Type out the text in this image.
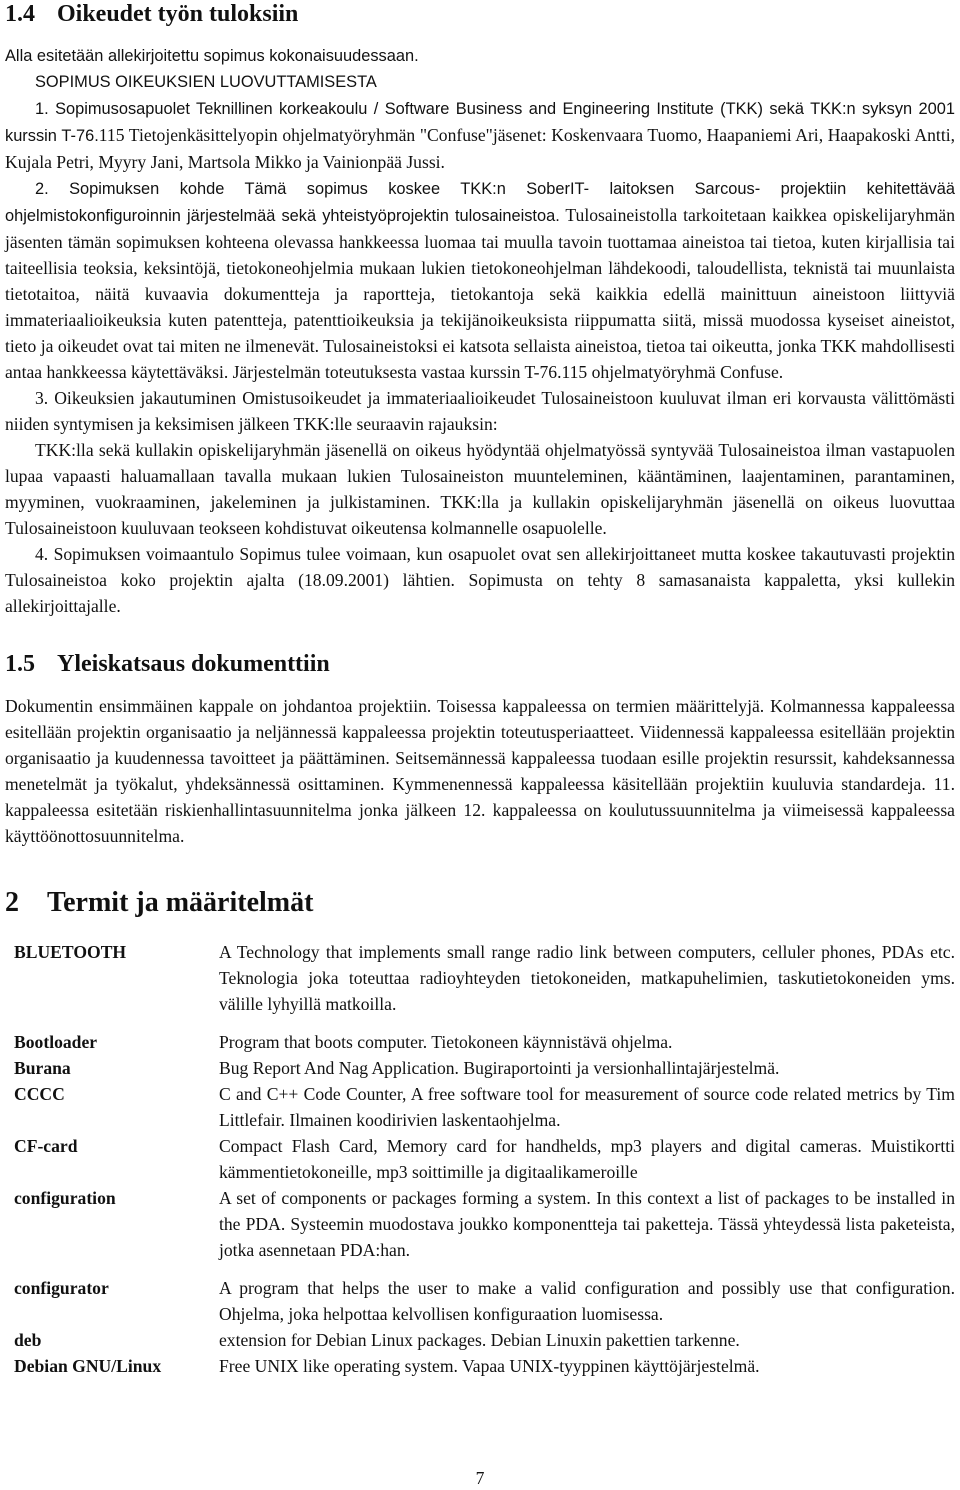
1.4 Oikeudet työn tuloksiin

Alla esitetään allekirjoitettu sopimus kokonaisuudessaan.

SOPIMUS OIKEUKSIEN LUOVUTTAMISESTA

1. Sopimusosapuolet Teknillinen korkeakoulu / Software Business and Engineering Institute (TKK) sekä TKK:n syksyn 2001 kurssin T-76.115 Tietojenkäsittelyopin ohjelmatyöryhmän "Confuse"jäsenet: Koskenvaara Tuomo, Haapaniemi Ari, Haapakoski Antti, Kujala Petri, Myyry Jani, Martsola Mikko ja Vainionpää Jussi.

2. Sopimuksen kohde Tämä sopimus koskee TKK:n SoberIT- laitoksen Sarcous- projektiin kehitettävää ohjelmistokonfiguroinnin järjestelmää sekä yhteistyöprojektin tulosaineistoa. Tulosaineistolla tarkoitetaan kaikkea opiskelijaryhmän jäsenten tämän sopimuksen kohteena olevassa hankkeessa luomaa tai muulla tavoin tuottamaa aineistoa tai tietoa, kuten kirjallisia tai taiteellisia teoksia, keksintöjä, tietokoneohjelmia mukaan lukien tietokoneohjelman lähdekoodi, taloudellista, teknistä tai muunlaista tietotaitoa, näitä kuvaavia dokumentteja ja raportteja, tietokantoja sekä kaikkia edellä mainittuun aineistoon liittyviä immateriaalioikeuksia kuten patentteja, patenttioikeuksia ja tekijänoikeuksista riippumatta siitä, missä muodossa kyseiset aineistot, tieto ja oikeudet ovat tai miten ne ilmenevät. Tulosaineistoksi ei katsota sellaista aineistoa, tietoa tai oikeutta, jonka TKK mahdollisesti antaa hankkeessa käytettäväksi. Järjestelmän toteutuksesta vastaa kurssin T-76.115 ohjelmatyöryhmä Confuse.

3. Oikeuksien jakautuminen Omistusoikeudet ja immateriaalioikeudet Tulosaineistoon kuuluvat ilman eri korvausta välittömästi niiden syntymisen ja keksimisen jälkeen TKK:lle seuraavin rajauksin:

TKK:lla sekä kullakin opiskelijaryhmän jäsenellä on oikeus hyödyntää ohjelmatyössä syntyvää Tulosaineistoa ilman vastapuolen lupaa vapaasti haluamallaan tavalla mukaan lukien Tulosaineiston muunteleminen, kääntäminen, laajentaminen, parantaminen, myyminen, vuokraaminen, jakeleminen ja julkistaminen. TKK:lla ja kullakin opiskelijaryhmän jäsenellä on oikeus luovuttaa Tulosaineistoon kuuluvaan teokseen kohdistuvat oikeutensa kolmannelle osapuolelle.

4. Sopimuksen voimaantulo Sopimus tulee voimaan, kun osapuolet ovat sen allekirjoittaneet mutta koskee takautuvasti projektin Tulosaineistoa koko projektin ajalta (18.09.2001) lähtien. Sopimusta on tehty 8 samasanaista kappaletta, yksi kullekin allekirjoittajalle.

1.5 Yleiskatsaus dokumenttiin

Dokumentin ensimmäinen kappale on johdantoa projektiin. Toisessa kappaleessa on termien määrittelyjä. Kolmannessa kappaleessa esitellään projektin organisaatio ja neljännessä kappaleessa projektin toteutusperiaatteet. Viidennessä kappaleessa esitellään projektin organisaatio ja kuudennessa tavoitteet ja päättäminen. Seitsemännessä kappaleessa tuodaan esille projektin resurssit, kahdeksannessa menetelmät ja työkalut, yhdeksännessä osittaminen. Kymmenennessä kappaleessa käsitellään projektiin kuuluvia standardeja. 11. kappaleessa esitetään riskienhallintasuunnitelma jonka jälkeen 12. kappaleessa on koulutussuunnitelma ja viimeisessä kappaleessa käyttöönottosuunnitelma.

2 Termit ja määritelmät
BLUETOOTH	A Technology that implements small range radio link between computers, celluler phones, PDAs etc. Teknologia joka toteuttaa radioyhteyden tietokoneiden, matkapuhelimien, taskutietokoneiden yms. välille lyhyillä matkoilla.
Bootloader	Program that boots computer. Tietokoneen käynnistävä ohjelma.
Burana	Bug Report And Nag Application. Bugiraportointi ja versionhallintajärjestelmä.
CCCC	C and C++ Code Counter, A free software tool for measurement of source code related metrics by Tim Littlefair. Ilmainen koodirivien laskentaohjelma.
CF-card	Compact Flash Card, Memory card for handhelds, mp3 players and digital cameras. Muistikortti kämmentietokoneille, mp3 soittimille ja digitaalikameroille
configuration	A set of components or packages forming a system. In this context a list of packages to be installed in the PDA. Systeemin muodostava joukko komponentteja tai paketteja. Tässä yhteydessä lista paketeista, jotka asennetaan PDA:han.
configurator	A program that helps the user to make a valid configuration and possibly use that configuration. Ohjelma, joka helpottaa kelvollisen konfiguraation luomisessa.
deb	extension for Debian Linux packages. Debian Linuxin pakettien tarkenne.
Debian GNU/Linux	Free UNIX like operating system. Vapaa UNIX-tyyppinen käyttöjärjestelmä.
7
